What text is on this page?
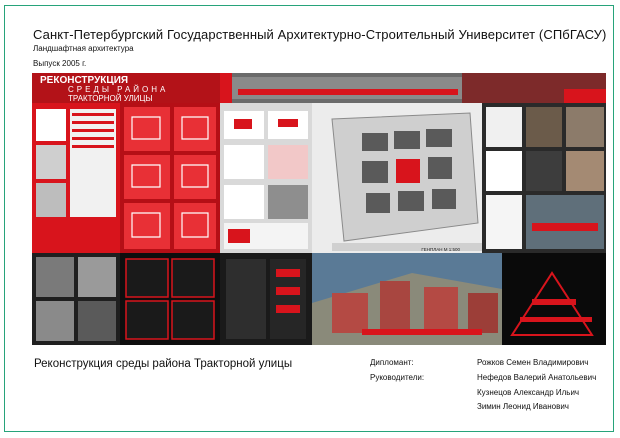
Санкт-Петербургский Государственный Архитектурно-Строительный Университет (СПбГАСУ)
Ландшафтная архитектура
Выпуск 2005 г.
РЕКОНСТРУКЦИЯ
СРЕДЫ РАЙОНА
ТРАКТОРНОЙ УЛИЦЫ
ГЕНПЛАН М 1:500
Реконструкция среды района Тракторной улицы	Дипломант:	Рожков Семен Владимирович
Руководители:	Нефедов Валерий Анатольевич
Кузнецов Александр Ильич
Зимин Леонид Иванович
